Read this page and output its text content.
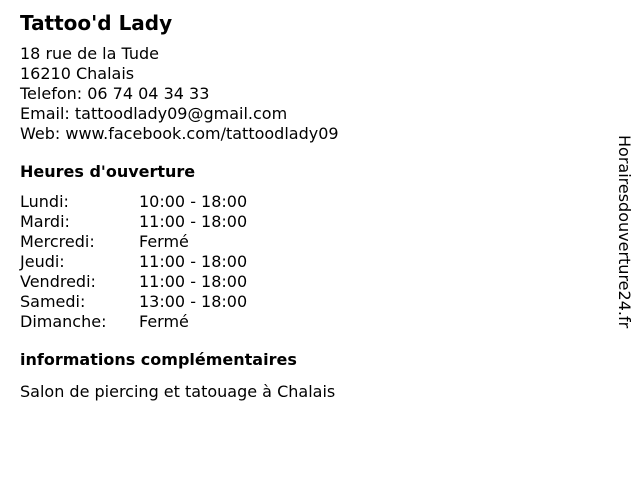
Tattoo'd Lady
18 rue de la Tude
16210 Chalais
Telefon: 06 74 04 34 33
Email: tattoodlady09@gmail.com
Web: www.facebook.com/tattoodlady09
Heures d'ouverture
Lundi:	10:00 - 18:00
Mardi:	11:00 - 18:00
Mercredi:	Fermé
Jeudi:	11:00 - 18:00
Vendredi:	11:00 - 18:00
Samedi:	13:00 - 18:00
Dimanche:	Fermé
informations complémentaires
Salon de piercing et tatouage à Chalais
Horairesdouverture24.fr
